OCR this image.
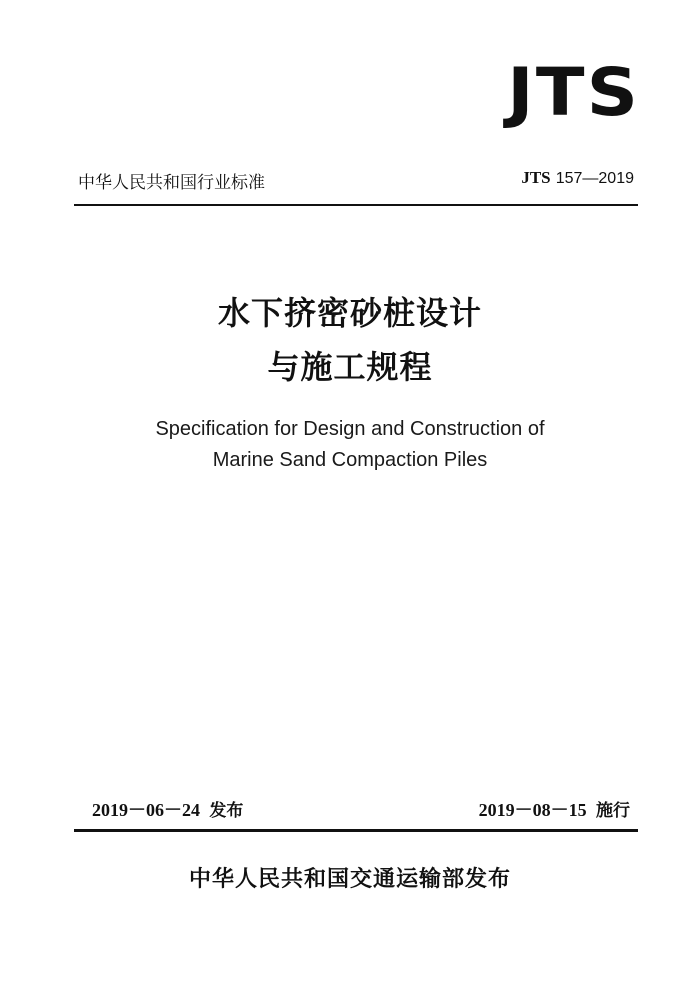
JTS
中华人民共和国行业标准	JTS 157—2019
水下挤密砂桩设计
与施工规程
Specification for Design and Construction of
Marine Sand Compaction Piles
2019－06－24 发布	2019－08－15 施行
中华人民共和国交通运输部发布
